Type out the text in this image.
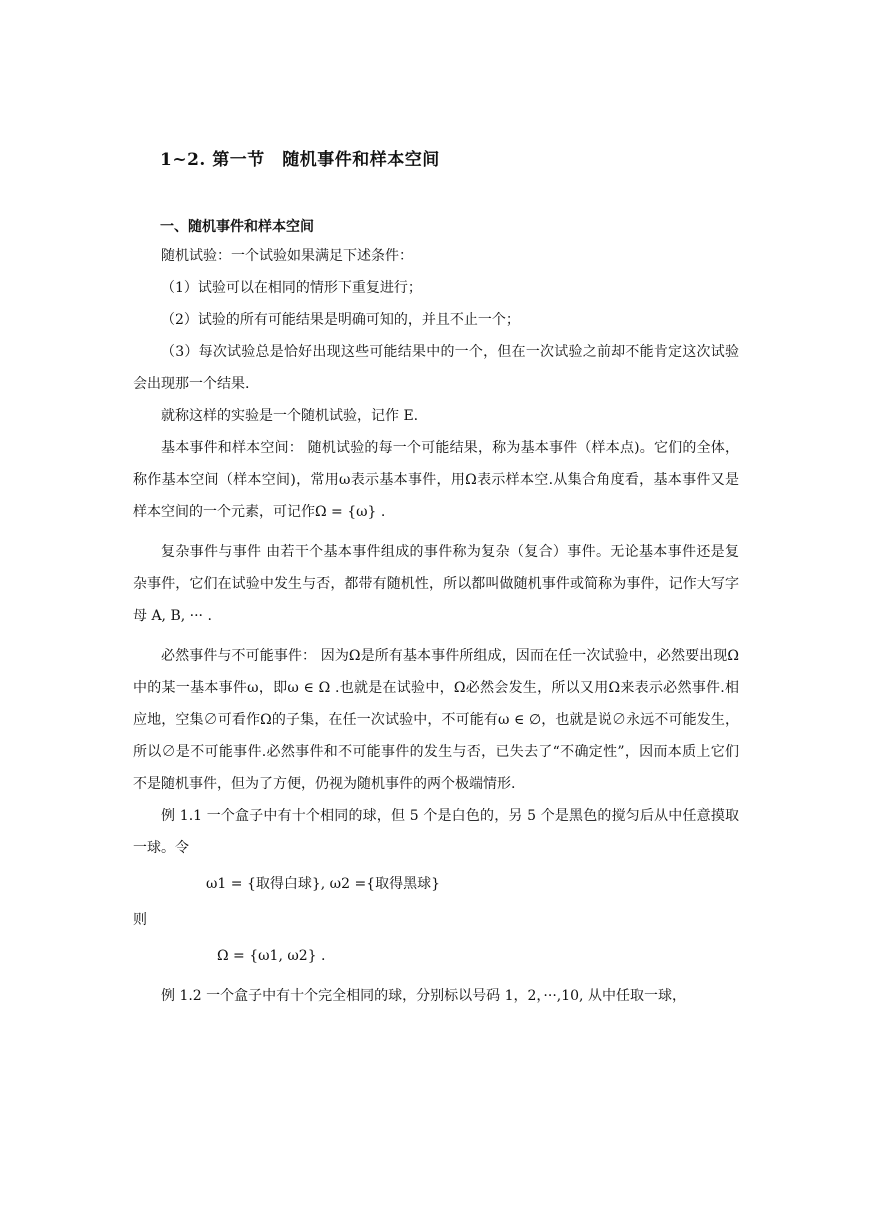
1~2. 第一节　随机事件和样本空间
一、随机事件和样本空间

随机试验：一个试验如果满足下述条件：

（1）试验可以在相同的情形下重复进行；

（2）试验的所有可能结果是明确可知的，并且不止一个；

（3）每次试验总是恰好出现这些可能结果中的一个，但在一次试验之前却不能肯定这次试验会出现那一个结果.

就称这样的实验是一个随机试验，记作 E.

基本事件和样本空间： 随机试验的每一个可能结果，称为基本事件（样本点)。它们的全体，称作基本空间（样本空间)，常用ω表示基本事件，用Ω表示样本空.从集合角度看，基本事件又是样本空间的一个元素，可记作Ω = {ω} .

复杂事件与事件 由若干个基本事件组成的事件称为复杂（复合）事件。无论基本事件还是复杂事件，它们在试验中发生与否，都带有随机性，所以都叫做随机事件或简称为事件，记作大写字母 A, B, ··· .

必然事件与不可能事件： 因为Ω是所有基本事件所组成，因而在任一次试验中，必然要出现Ω中的某一基本事件ω，即ω ∈ Ω .也就是在试验中，Ω必然会发生，所以又用Ω来表示必然事件.相应地，空集∅可看作Ω的子集，在任一次试验中，不可能有ω ∈ ∅，也就是说∅永远不可能发生，所以∅是不可能事件.必然事件和不可能事件的发生与否，已失去了“不确定性”，因而本质上它们不是随机事件，但为了方便，仍视为随机事件的两个极端情形.

例 1.1 一个盒子中有十个相同的球，但 5 个是白色的，另 5 个是黑色的搅匀后从中任意摸取一球。令

ω1 = {取得白球}, ω2 ={取得黑球}

则

Ω = {ω1, ω2} .

例 1.2 一个盒子中有十个完全相同的球，分别标以号码 1，2，···,10, 从中任取一球，
